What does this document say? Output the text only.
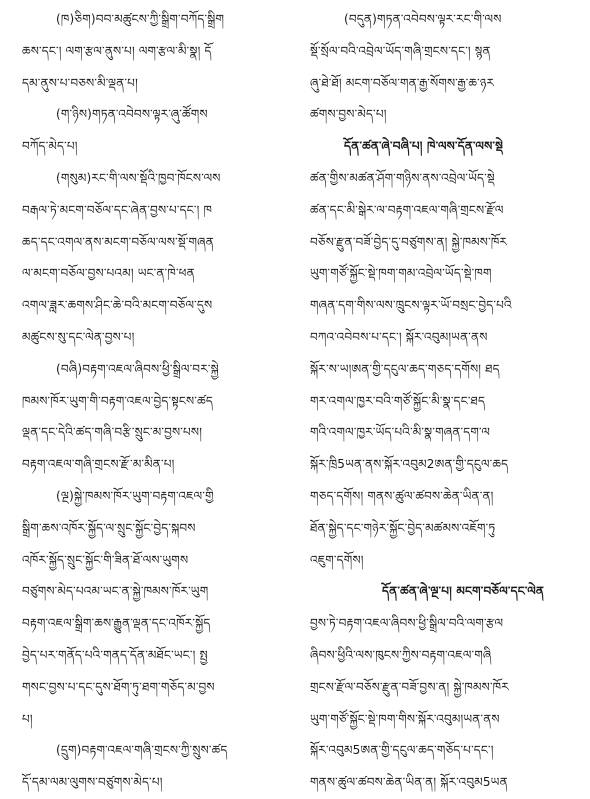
(ཁ)ཅིག)བབ་མཚུངས་ཀྱི་སྒྲིག་བཀོད་སྒྲིག
ཆས་དང་། ལག་རྩལ་ནུས་པ། ལག་རྩལ་མི་སྣ། དོ
དམ་ནུས་པ་བཅས་མི་ལྡན་པ།
(ག་ཉིས)གཏན་འབེབས་ལྟར་ཞུ་ཚོགས
བཀོད་མེད་པ།
(གསུམ)རང་གི་ལས་སྡོའི་ཁྱབ་ཁོངས་ལས
བརྒལ་ཏེ་མངག་བཅོལ་དང་ཞེན་བྱས་པ་དང་། ཁ
ཆད་དང་འགལ་ནས་མངག་བཅོལ་ལས་སྡོ་གཞན
ལ་མངག་བཅོལ་བྱས་པའམ། ཡང་ན་ཁེ་ཕན
འགལ་ཟླར་ཆགས་ཤིང་ཆེ་བའི་མངག་བཅོལ་དུས
མཚུངས་སུ་དང་ལེན་བྱས་པ།
(བཞི)བརྟག་འཇལ་ཞིབས་ཕྱི་སྒྲིལ་བར་སྐྱེ
ཁམས་ཁོར་ཡུག་གི་བརྟག་འཇལ་བྱེད་སྟངས་ཚད
ལྡན་དང་དེའི་ཚད་གཞི་བརྩི་སྲུང་མ་བྱས་པས།
བརྟག་འཇལ་གཞི་གྲངས་རྫོ་མ་མིན་པ།
(ལྔ)སྐྱེ་ཁམས་ཁོར་ཡུག་བརྟག་འཇལ་གྱི
སྒྲིག་ཆས་འཁོར་སྐྱོད་ལ་སྲུང་སྐྱོང་བྱེད་སྐབས
འཁོར་སྐྱོད་སྲུང་སྐྱོང་གི་ཟིན་ཐོ་ལས་ཡུགས
བཙུགས་མེད་པའམ་ཡང་ན་སྐྱེ་ཁམས་ཁོར་ཡུག
བརྟག་འཇལ་སྒྲིག་ཆས་རྒྱུན་ལྡན་དང་འཁོར་སྐྱོད
བྱེད་པར་གནོད་པའི་གནད་དོན་མཐོང་ཡང་། སྤྱ
གསང་བྱས་པ་དང་དུས་ཐོག་ཏུ་ཐག་གཅོད་མ་བྱས
པ།
(དྲུག)བརྟག་འཇལ་གཞི་གྲངས་ཀྱི་སྲུས་ཚད
དོ་དམ་ལམ་ལུགས་བཙུགས་མེད་པ།
(བདུན)གཏན་འབེབས་ལྟར་རང་གི་ལས
སྡོ་སྲོལ་བའི་འབྲེལ་ཡོད་གཞི་གྲངས་དང་། སྙན
ཞུ་ཐེ་ཐོ། མངག་བཅོལ་གན་རྒྱ་སོགས་རྒྱ་ཆ་ཉར
ཚགས་བྱས་མེད་པ།
དོན་ཚན་ཞེ་བཞི་པ། ཁེ་ལས་དོན་ལས་སྡེ
ཚན་གྱིས་མཚན་ཤོག་གཉིས་ནས་འབྲེལ་ཡོད་སྡེ
ཚན་དང་མི་སྒེར་ལ་བརྟག་འཇལ་གཞི་གྲངས་རྫོལ
བཅོས་རྫུན་བཟོ་བྱེད་དུ་བཙུགས་ན། སྐྱེ་ཁམས་ཁོར
ཡུག་གཙོ་སྐྱོང་སྡེ་ཁག་གམ་འབྲེལ་ཡོད་སྡེ་ཁག
གཞན་དག་གིས་ལས་ཁྲུངས་ལྟར་ཡོ་བསྲང་བྱེད་པའི
བཀའ་འབེབས་པ་དང་། སྐོར་འབུམ།ཡན་ནས
སྐོར་ས་ཡ།ཨན་གྱི་དངུལ་ཆད་གཅད་དགོས། ཐད
གར་འགལ་ཁྱར་བའི་གཙོ་སྐྱོང་མི་སྣ་དང་ཐད
གའི་འགལ་ཁྱར་ཡོད་པའི་མི་སྣ་གཞན་དག་ལ
སྐོར་ཁྲི5ཡན་ནས་སྐོར་འབུམ2ཨན་གྱི་དངུལ་ཆད
གཅད་དགོས། གནས་ཚུལ་ཚབས་ཆེན་ཡིན་ན།
ཐོན་སྐྱེད་དང་གཉེར་སྐྱོང་བྱེད་མཚམས་འཇོག་ཏུ
འཇུག་དགོས།
དོན་ཚན་ཞེ་ལྔ་པ། མངག་བཅོལ་དང་ལེན
བྱས་ཏེ་བརྟག་འཇལ་ཞིབས་ཕྱི་སྒྲིལ་བའི་ལག་རྩལ
ཞིབས་ཕྱིའི་ལས་ཁུངས་ཀྱིས་བརྟག་འཇལ་གཞི
གྲངས་རྫོལ་བཅོས་རྫུན་བཟོ་བྱས་ན། སྐྱེ་ཁམས་ཁོར
ཡུག་གཙོ་སྐྱོང་སྡེ་ཁག་གིས་སྐོར་འབུམ།ཡན་ནས
སྐོར་འབུམ5ཨན་གྱི་དངུལ་ཆད་གཅོད་པ་དང་།
གནས་ཚུལ་ཚབས་ཆེན་ཡིན་ན། སྐོར་འབུམ5ཡན
